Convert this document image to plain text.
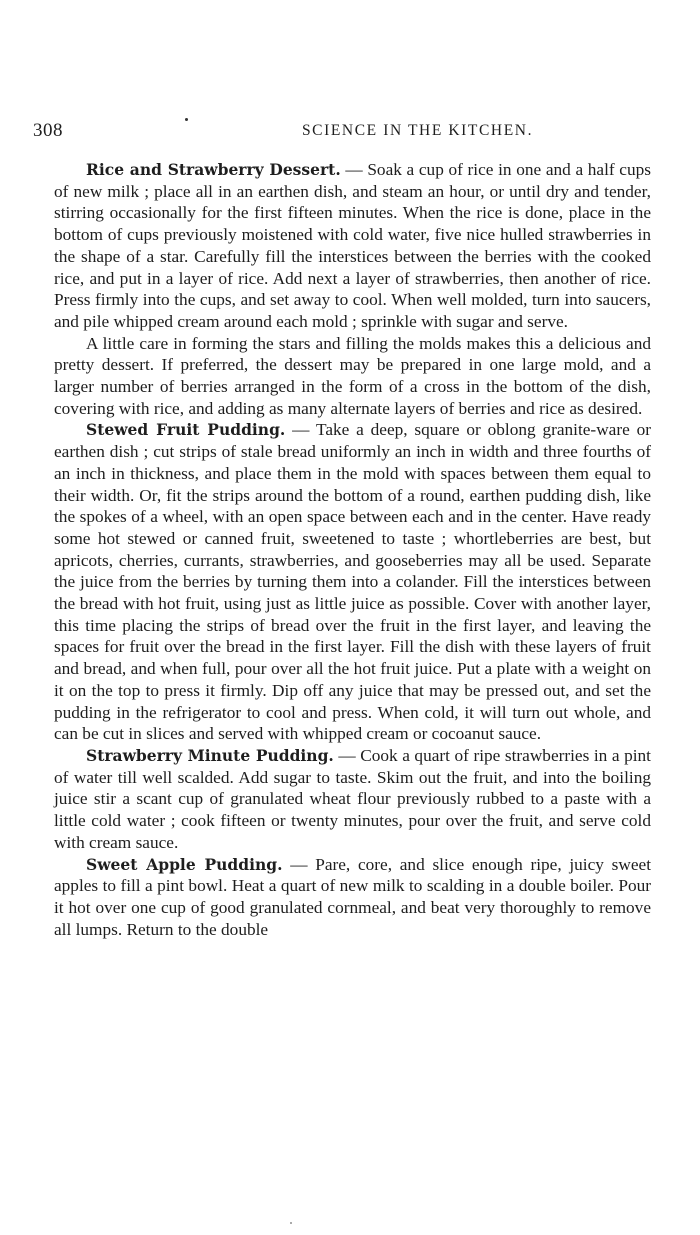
308	SCIENCE IN THE KITCHEN.

Rice and Strawberry Dessert. — Soak a cup of rice in one and a half cups of new milk ; place all in an earthen dish, and steam an hour, or until dry and tender, stirring occasionally for the first fifteen minutes. When the rice is done, place in the bottom of cups previously moistened with cold water, five nice hulled strawberries in the shape of a star. Carefully fill the interstices between the berries with the cooked rice, and put in a layer of rice. Add next a layer of strawberries, then another of rice. Press firmly into the cups, and set away to cool. When well molded, turn into saucers, and pile whipped cream around each mold ; sprinkle with sugar and serve.

A little care in forming the stars and filling the molds makes this a delicious and pretty dessert. If preferred, the dessert may be prepared in one large mold, and a larger number of berries arranged in the form of a cross in the bottom of the dish, covering with rice, and adding as many alternate layers of berries and rice as desired.

Stewed Fruit Pudding. — Take a deep, square or oblong granite-ware or earthen dish ; cut strips of stale bread uniformly an inch in width and three fourths of an inch in thickness, and place them in the mold with spaces between them equal to their width. Or, fit the strips around the bottom of a round, earthen pudding dish, like the spokes of a wheel, with an open space between each and in the center. Have ready some hot stewed or canned fruit, sweetened to taste ; whortleberries are best, but apricots, cherries, currants, strawberries, and gooseberries may all be used. Separate the juice from the berries by turning them into a colander. Fill the interstices between the bread with hot fruit, using just as little juice as possible. Cover with another layer, this time placing the strips of bread over the fruit in the first layer, and leaving the spaces for fruit over the bread in the first layer. Fill the dish with these layers of fruit and bread, and when full, pour over all the hot fruit juice. Put a plate with a weight on it on the top to press it firmly. Dip off any juice that may be pressed out, and set the pudding in the refrigerator to cool and press. When cold, it will turn out whole, and can be cut in slices and served with whipped cream or cocoanut sauce.

Strawberry Minute Pudding. — Cook a quart of ripe strawberries in a pint of water till well scalded. Add sugar to taste. Skim out the fruit, and into the boiling juice stir a scant cup of granulated wheat flour previously rubbed to a paste with a little cold water ; cook fifteen or twenty minutes, pour over the fruit, and serve cold with cream sauce.

Sweet Apple Pudding. — Pare, core, and slice enough ripe, juicy sweet apples to fill a pint bowl. Heat a quart of new milk to scalding in a double boiler. Pour it hot over one cup of good granulated cornmeal, and beat very thoroughly to remove all lumps. Return to the double
